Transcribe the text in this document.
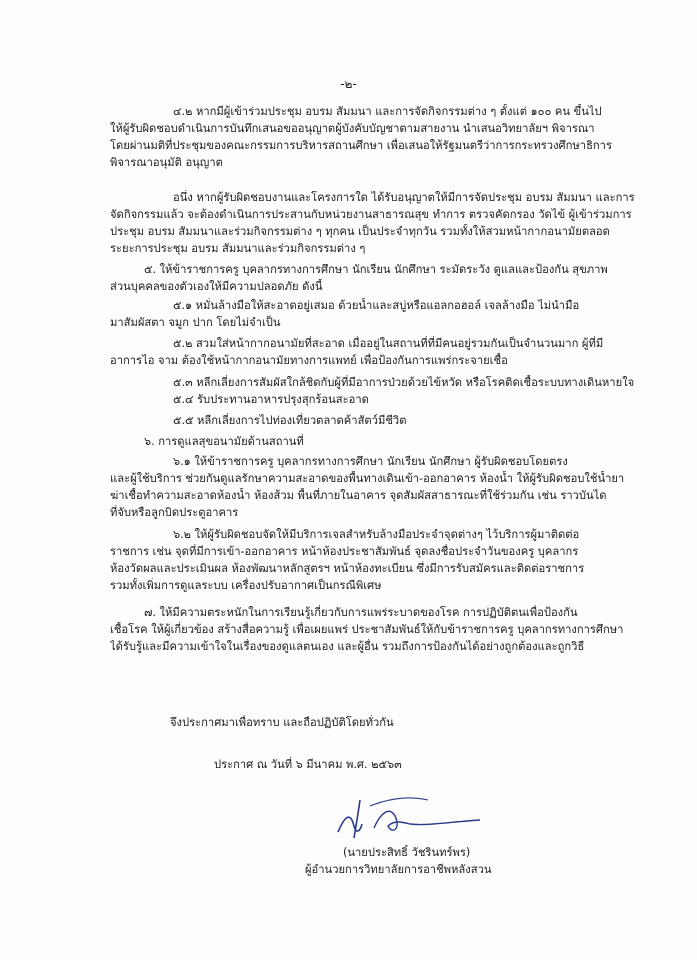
-๒-
๔.๒ หากมีผู้เข้าร่วมประชุม อบรม สัมมนา และการจัดกิจกรรมต่าง ๆ ตั้งแต่ ๑๐๐ คน ขึ้นไป
ให้ผู้รับผิดชอบดำเนินการบันทึกเสนอขออนุญาตผู้บังคับบัญชาตามสายงาน นำเสนอวิทยาลัยฯ พิจารณา
โดยผ่านมติที่ประชุมของคณะกรรมการบริหารสถานศึกษา เพื่อเสนอให้รัฐมนตรีว่าการกระทรวงศึกษาธิการ
พิจารณาอนุมัติ อนุญาต
อนึ่ง หากผู้รับผิดชอบงานและโครงการใด ได้รับอนุญาตให้มีการจัดประชุม อบรม สัมมนา และการ
จัดกิจกรรมแล้ว จะต้องดำเนินการประสานกับหน่วยงานสาธารณสุข ทำการ ตรวจคัดกรอง วัดไข้ ผู้เข้าร่วมการ
ประชุม อบรม สัมมนาและร่วมกิจกรรมต่าง ๆ ทุกคน เป็นประจำทุกวัน รวมทั้งให้สวมหน้ากากอนามัยตลอด
ระยะการประชุม อบรม สัมมนาและร่วมกิจกรรมต่าง ๆ
๕. ให้ข้าราชการครู บุคลากรทางการศึกษา นักเรียน นักศึกษา ระมัดระวัง ดูแลและป้องกัน สุขภาพ
ส่วนบุคคลของตัวเองให้มีความปลอดภัย ดังนี้
๕.๑ หมั่นล้างมือให้สะอาดอยู่เสมอ ด้วยน้ำและสบู่หรือแอลกอฮอล์ เจลล้างมือ ไม่นำมือ
มาสัมผัสตา จมูก ปาก โดยไม่จำเป็น
๕.๒ สวมใส่หน้ากากอนามัยที่สะอาด เมื่ออยู่ในสถานที่ที่มีคนอยู่รวมกันเป็นจำนวนมาก ผู้ที่มี
อาการไอ จาม ต้องใช้หน้ากากอนามัยทางการแพทย์ เพื่อป้องกันการแพร่กระจายเชื้อ
๕.๓ หลีกเลี่ยงการสัมผัสใกล้ชิดกับผู้ที่มีอาการป่วยด้วยไข้หวัด หรือโรคติดเชื้อระบบทางเดินหายใจ
๕.๔ รับประทานอาหารปรุงสุกร้อนสะอาด
๕.๕ หลีกเลี่ยงการไปท่องเที่ยวตลาดค้าสัตว์มีชีวิต
๖. การดูแลสุขอนามัยด้านสถานที่
๖.๑ ให้ข้าราชการครู บุคลากรทางการศึกษา นักเรียน นักศึกษา ผู้รับผิดชอบโดยตรง
และผู้ใช้บริการ ช่วยกันดูแลรักษาความสะอาดของพื้นทางเดินเข้า-ออกอาคาร ห้องน้ำ ให้ผู้รับผิดชอบใช้น้ำยา
ฆ่าเชื้อทำความสะอาดห้องน้ำ ห้องส้วม พื้นที่ภายในอาคาร จุดสัมผัสสาธารณะที่ใช้ร่วมกัน เช่น ราวบันได
ที่จับหรือลูกบิดประตูอาคาร
๖.๒ ให้ผู้รับผิดชอบจัดให้มีบริการเจลสำหรับล้างมือประจำจุดต่างๆ ไว้บริการผู้มาติดต่อ
ราชการ เช่น จุดที่มีการเข้า-ออกอาคาร หน้าห้องประชาสัมพันธ์ จุดลงชื่อประจำวันของครู บุคลากร
ห้องวัดผลและประเมินผล ห้องพัฒนาหลักสูตรฯ หน้าห้องทะเบียน ซึ่งมีการรับสมัครและติดต่อราชการ
รวมทั้งเพิ่มการดูแลระบบ เครื่องปรับอากาศเป็นกรณีพิเศษ
๗. ให้มีความตระหนักในการเรียนรู้เกี่ยวกับการแพร่ระบาดของโรค การปฏิบัติตนเพื่อป้องกัน
เชื้อโรค ให้ผู้เกี่ยวข้อง สร้างสื่อความรู้ เพื่อเผยแพร่ ประชาสัมพันธ์ให้กับข้าราชการครู บุคลากรทางการศึกษา
ได้รับรู้และมีความเข้าใจในเรื่องของดูแลตนเอง และผู้อื่น รวมถึงการป้องกันได้อย่างถูกต้องและถูกวิธี
จึงประกาศมาเพื่อทราบ และถือปฏิบัติโดยทั่วกัน
ประกาศ ณ วันที่ ๖ มีนาคม พ.ศ. ๒๕๖๓
(นายประสิทธิ์ วัชรินทร์พร)
ผู้อำนวยการวิทยาลัยการอาชีพหลังสวน
